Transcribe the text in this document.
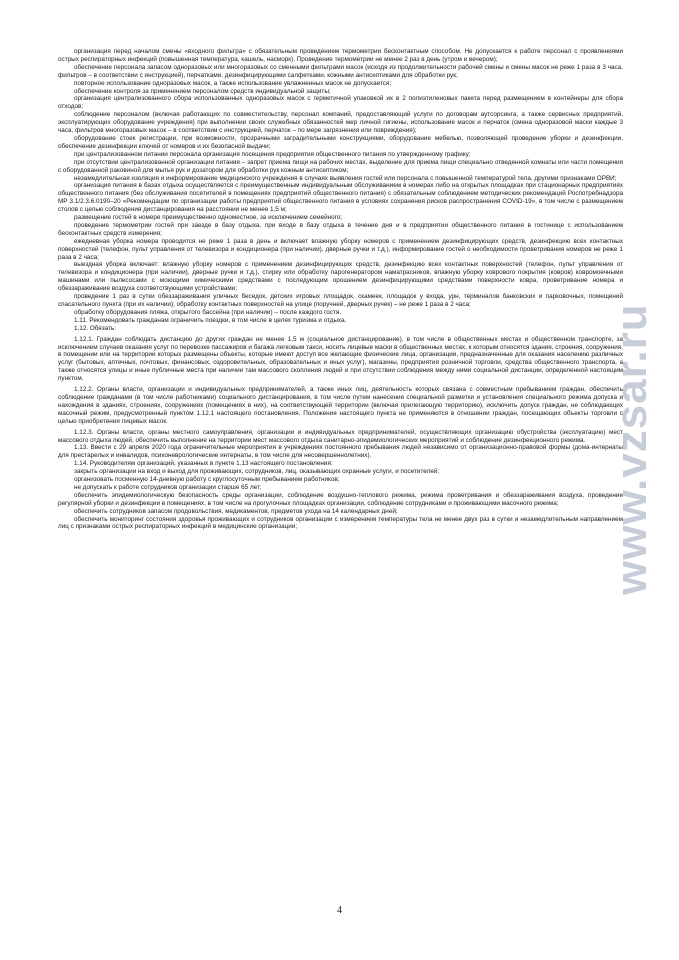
организация перед началом смены «входного фильтра» с обязательным проведением термометрии бесконтактным способом. Не допускается к работе персонал с проявлениями острых респираторных инфекций (повышенная температура, кашель, насморк). Проведение термометрии не менее 2 раз в день (утром и вечером);

обеспечение персонала запасом одноразовых или многоразовых со сменными фильтрами масок (исходя из продолжительности рабочей смены и смены масок не реже 1 раза в 3 часа, фильтров – в соответствии с инструкцией), перчатками, дезинфицирующими салфетками, кожными антисептиками для обработки рук;

повторное использование одноразовых масок, а также использование увлажненных масок не допускается;

обеспечение контроля за применением персоналом средств индивидуальной защиты;

организация централизованного сбора использованных одноразовых масок с герметичной упаковкой их в 2 полиэтиленовых пакета перед размещением в контейнеры для сбора отходов;

соблюдение персоналом (включая работающих по совместительству, персонал компаний, предоставляющий услуги по договорам аутсорсинга, а также сервисных предприятий, эксплуатирующих оборудование учреждения) при выполнении своих служебных обязанностей мер личной гигиены, использование масок и перчаток (смена одноразовой маски каждые 3 часа, фильтров многоразовых масок – в соответствии с инструкцией, перчаток – по мере загрязнения или повреждения);

оборудование стоек регистрации, при возможности, прозрачными заградительными конструкциями, оборудование мебелью, позволяющей проведение уборки и дезинфекции, обеспечение дезинфекции ключей от номеров и их безопасной выдачи;

при централизованном питании персонала организация посещения предприятия общественного питания по утвержденному графику;

при отсутствии централизованной организации питания – запрет приема пищи на рабочих местах, выделение для приема пищи специально отведенной комнаты или части помещения с оборудованной раковиной для мытья рук и дозатором для обработки рук кожным антисептиком;

незамедлительная изоляция и информирование медицинского учреждения в случаях выявления гостей или персонала с повышенной температурой тела, другими признаками ОРВИ;

организация питания в базах отдыха осуществляется с преимущественным индивидуальным обслуживанием в номерах либо на открытых площадках при стационарных предприятиях общественного питания (без обслуживания посетителей в помещениях предприятий общественного питания) с обязательным соблюдением методических рекомендаций Роспотребнадзора МР 3.1/2.3.6.0190–20 «Рекомендации по организации работы предприятий общественного питания в условиях сохранения рисков распространения COVID-19», в том числе с размещением столов с целью соблюдения дистанцирования на расстоянии не менее 1,5 м;

размещение гостей в номере преимущественно одноместное, за исключением семейного;

проведение термометрии гостей при заезде в базу отдыха, при входе в базу отдыха в течение дня и в предприятии общественного питания в гостинице с использованием бесконтактных средств измерения;

ежедневная уборка номера проводится не реже 1 раза в день и включает влажную уборку номеров с применением дезинфицирующих средств, дезинфекцию всех контактных поверхностей (телефон, пульт управления от телевизора и кондиционера (при наличии), дверные ручки и т.д.), информирование гостей о необходимости проветривания номеров не реже 1 раза в 2 часа;

выездная уборка включает: влажную уборку номеров с применением дезинфицирующих средств, дезинфекцию всех контактных поверхностей (телефон, пульт управления от телевизора и кондиционера (при наличии), дверные ручки и т.д.), стирку или обработку парогенератором наматрасников, влажную уборку коврового покрытия (ковров) ковромоечными машинами или пылесосами с моющими химическими средствами с последующим орошением дезинфицирующими средствами поверхности ковра, проветривание номера и обеззараживание воздуха соответствующими устройствами;

проведение 1 раз в сутки обеззараживания уличных беседок, детских игровых площадок, скамеек, площадок у входа, урн, терминалов банковских и парковочных, помещений спасательного пункта (при их наличии); обработку контактных поверхностей на улице (поручней, дверных ручек) – не реже 1 раза в 2 часа;

обработку оборудования пляжа, открытого бассейна (при наличии) – после каждого гостя.

1.11. Рекомендовать гражданам ограничить поездки, в том числе в целях туризма и отдыха.

1.12. Обязать:

1.12.1. Граждан соблюдать дистанцию до других граждан не менее 1,5 м (социальное дистанцирование), в том числе в общественных местах и общественном транспорте, за исключением случаев оказания услуг по перевозке пассажиров и багажа легковым такси, носить лицевые маски в общественных местах, к которым относятся здания, строения, сооружения, в помещении или на территории которых размещены объекты, которые имеют доступ все желающие физические лица, организации, предназначенные для оказания населению различных услуг (бытовых, аптечных, почтовых, финансовых, оздоровительных, образовательных и иных услуг), магазины, предприятия розничной торговли, средства общественного транспорта, а также относятся улицы и иные публичные места при наличии там массового скопления людей и при отсутствии соблюдения между ними социальной дистанции, определенной настоящим пунктом.

1.12.2. Органы власти, организации и индивидуальных предпринимателей, а также иных лиц, деятельность которых связана с совместным пребыванием граждан, обеспечить соблюдение гражданами (в том числе работниками) социального дистанцирования, в том числе путем нанесения специальной разметки и установления специального режима допуска и нахождения в зданиях, строениях, сооружениях (помещениях в них), на соответствующей территории (включая прилегающую территорию), исключить допуск граждан, не соблюдающих масочный режим, предусмотренный пунктом 1.12.1 настоящего постановления. Положения настоящего пункта не применяются в отношении граждан, посещающих объекты торговли с целью приобретения лицевых масок.

1.12.3. Органы власти, органы местного самоуправления, организации и индивидуальных предпринимателей, осуществляющих организацию обустройства (эксплуатацию) мест массового отдыха людей, обеспечить выполнение на территории мест массового отдыха санитарно-эпидемиологических мероприятий и соблюдение дезинфекционного режима.

1.13. Ввести с 29 апреля 2020 года ограничительные мероприятия в учреждениях постоянного пребывания людей независимо от организационно-правовой формы (дома-интернаты для престарелых и инвалидов, психоневрологические интернаты, в том числе для несовершеннолетних).

1.14. Руководителям организаций, указанных в пункте 1.13 настоящего постановления:

закрыть организации на вход и выход для проживающих, сотрудников, лиц, оказывающих охранные услуги, и посетителей;

организовать посменную 14-дневную работу с круглосуточным пребыванием работников;

не допускать к работе сотрудников организации старше 65 лет;

обеспечить эпидемиологическую безопасность среды организации, соблюдение воздушно-теплового режима, режима проветривания и обеззараживания воздуха, проведение регулярной уборки и дезинфекции в помещениях, в том числе на прогулочных площадках организации, соблюдение сотрудниками и проживающими масочного режима;

обеспечить сотрудников запасом продовольствия, медикаментов, предметов ухода на 14 календарных дней;

обеспечить мониторинг состояния здоровья проживающих и сотрудников организации с измерением температуры тела не менее двух раз в сутки и незамедлительным направлением лиц с признаками острых респираторных инфекций в медицинские организации;

4
www.vzsar.ru
